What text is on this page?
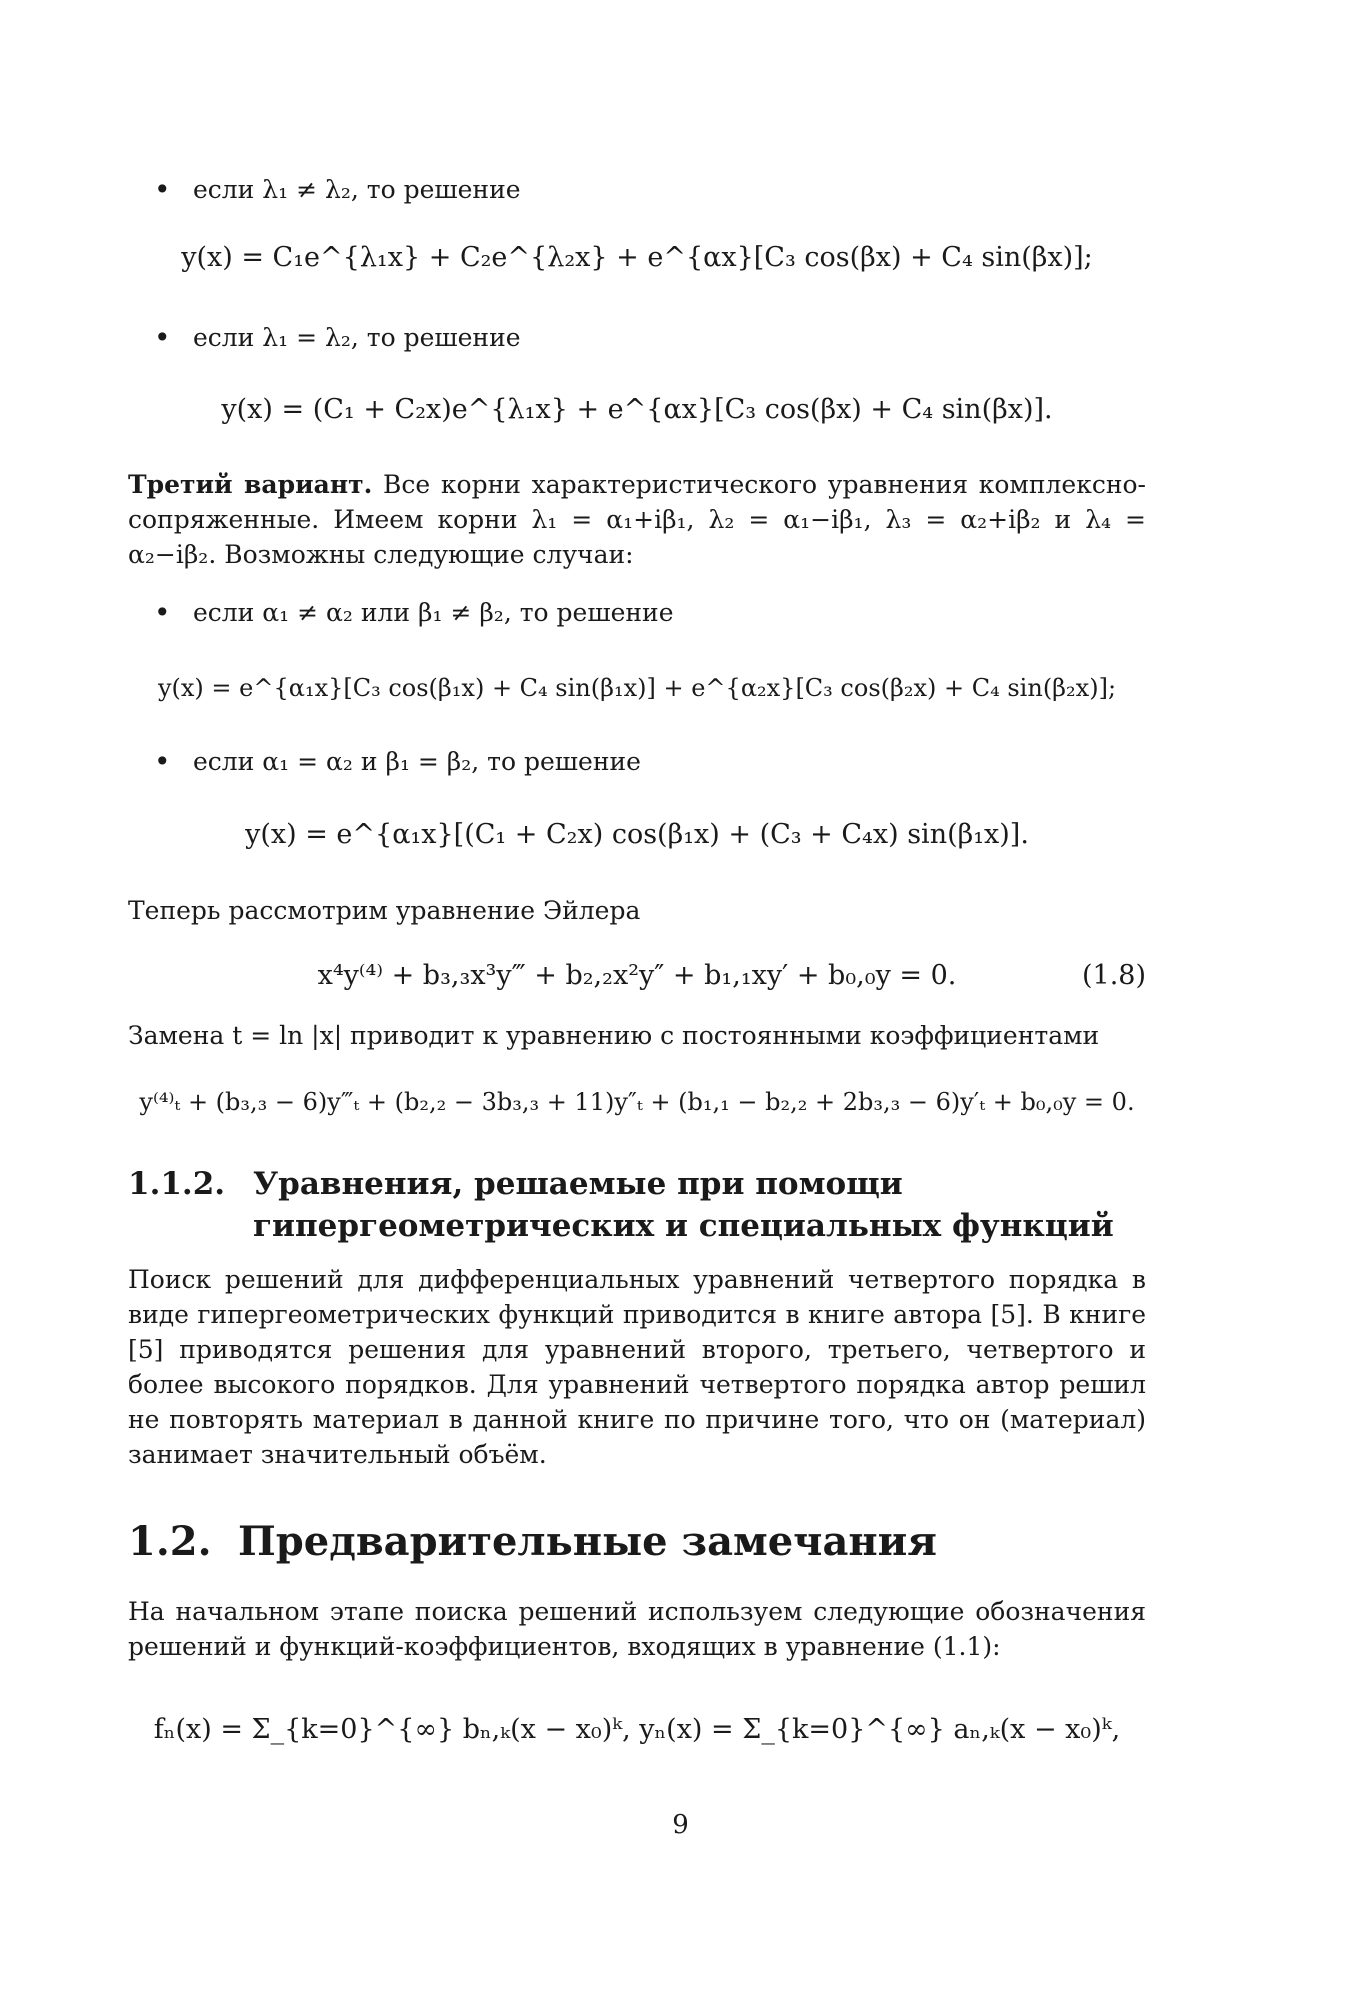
• если λ₁ ≠ λ₂, то решение
y(x) = C₁e^{λ₁x} + C₂e^{λ₂x} + e^{αx}[C₃ cos(βx) + C₄ sin(βx)];
• если λ₁ = λ₂, то решение
y(x) = (C₁ + C₂x)e^{λ₁x} + e^{αx}[C₃ cos(βx) + C₄ sin(βx)].

Третий вариант. Все корни характеристического уравнения комплексно-сопряженные. Имеем корни λ₁ = α₁+iβ₁, λ₂ = α₁−iβ₁, λ₃ = α₂+iβ₂ и λ₄ = α₂−iβ₂. Возможны следующие случаи:

• если α₁ ≠ α₂ или β₁ ≠ β₂, то решение
y(x) = e^{α₁x}[C₃ cos(β₁x) + C₄ sin(β₁x)] + e^{α₂x}[C₃ cos(β₂x) + C₄ sin(β₂x)];
• если α₁ = α₂ и β₁ = β₂, то решение
y(x) = e^{α₁x}[(C₁ + C₂x) cos(β₁x) + (C₃ + C₄x) sin(β₁x)].

Теперь рассмотрим уравнение Эйлера

x⁴y⁽⁴⁾ + b₃,₃x³y‴ + b₂,₂x²y″ + b₁,₁xy′ + b₀,₀y = 0.	(1.8)

Замена t = ln |x| приводит к уравнению с постоянными коэффициентами

y⁽⁴⁾ₜ + (b₃,₃ − 6)y‴ₜ + (b₂,₂ − 3b₃,₃ + 11)y″ₜ + (b₁,₁ − b₂,₂ + 2b₃,₃ − 6)y′ₜ + b₀,₀y = 0.
1.1.2. Уравнения, решаемые при помощи гипергеометрических и специальных функций

Поиск решений для дифференциальных уравнений четвертого порядка в виде гипергеометрических функций приводится в книге автора [5]. В книге [5] приводятся решения для уравнений второго, третьего, четвертого и более высокого порядков. Для уравнений четвертого порядка автор решил не повторять материал в данной книге по причине того, что он (материал) занимает значительный объём.

1.2. Предварительные замечания

На начальном этапе поиска решений используем следующие обозначения решений и функций-коэффициентов, входящих в уравнение (1.1):

fₙ(x) = Σ_{k=0}^{∞} bₙ,ₖ(x − x₀)ᵏ, yₙ(x) = Σ_{k=0}^{∞} aₙ,ₖ(x − x₀)ᵏ,
9
